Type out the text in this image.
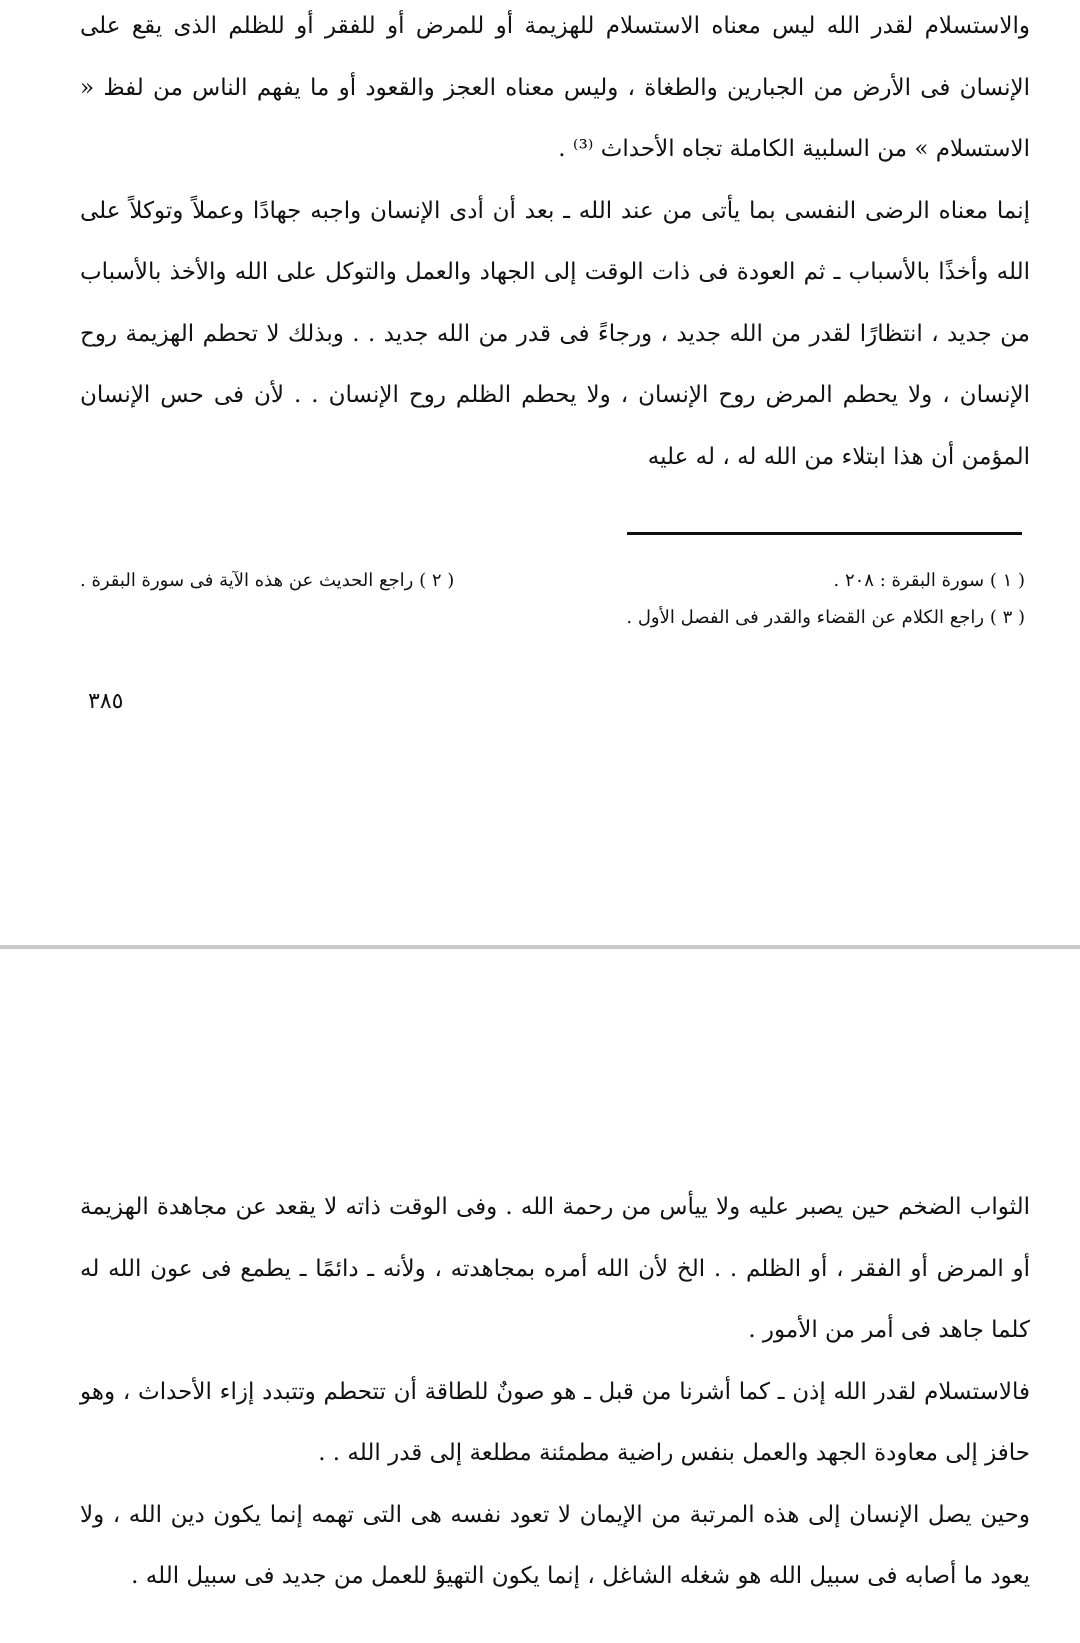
والاستسلام لقدر الله ليس معناه الاستسلام للهزيمة أو للمرض أو للفقر أو للظلم الذى يقع على الإنسان فى الأرض من الجبارين والطغاة ، وليس معناه العجز والقعود أو ما يفهم الناس من لفظ « الاستسلام » من السلبية الكاملة تجاه الأحداث ⁽³⁾ .

إنما معناه الرضى النفسى بما يأتى من عند الله ـ بعد أن أدى الإنسان واجبه جهادًا وعملاً وتوكلاً على الله وأخذًا بالأسباب ـ ثم العودة فى ذات الوقت إلى الجهاد والعمل والتوكل على الله والأخذ بالأسباب من جديد ، انتظارًا لقدر من الله جديد ، ورجاءً فى قدر من الله جديد . . وبذلك لا تحطم الهزيمة روح الإنسان ، ولا يحطم المرض روح الإنسان ، ولا يحطم الظلم روح الإنسان . . لأن فى حس الإنسان المؤمن أن هذا ابتلاء من الله له ، له عليه

( ١ ) سورة البقرة : ٢٠٨ .
( ٢ ) راجع الحديث عن هذه الآية فى سورة البقرة .
( ٣ ) راجع الكلام عن القضاء والقدر فى الفصل الأول .
٣٨٥

الثواب الضخم حين يصبر عليه ولا ييأس من رحمة الله . وفى الوقت ذاته لا يقعد عن مجاهدة الهزيمة أو المرض أو الفقر ، أو الظلم . . الخ لأن الله أمره بمجاهدته ، ولأنه ـ دائمًا ـ يطمع فى عون الله له كلما جاهد فى أمر من الأمور .

فالاستسلام لقدر الله إذن ـ كما أشرنا من قبل ـ هو صونٌ للطاقة أن تتحطم وتتبدد إزاء الأحداث ، وهو حافز إلى معاودة الجهد والعمل بنفس راضية مطمئنة مطلعة إلى قدر الله . .

وحين يصل الإنسان إلى هذه المرتبة من الإيمان لا تعود نفسه هى التى تهمه إنما يكون دين الله ، ولا يعود ما أصابه فى سبيل الله هو شغله الشاغل ، إنما يكون التهيؤ للعمل من جديد فى سبيل الله .
